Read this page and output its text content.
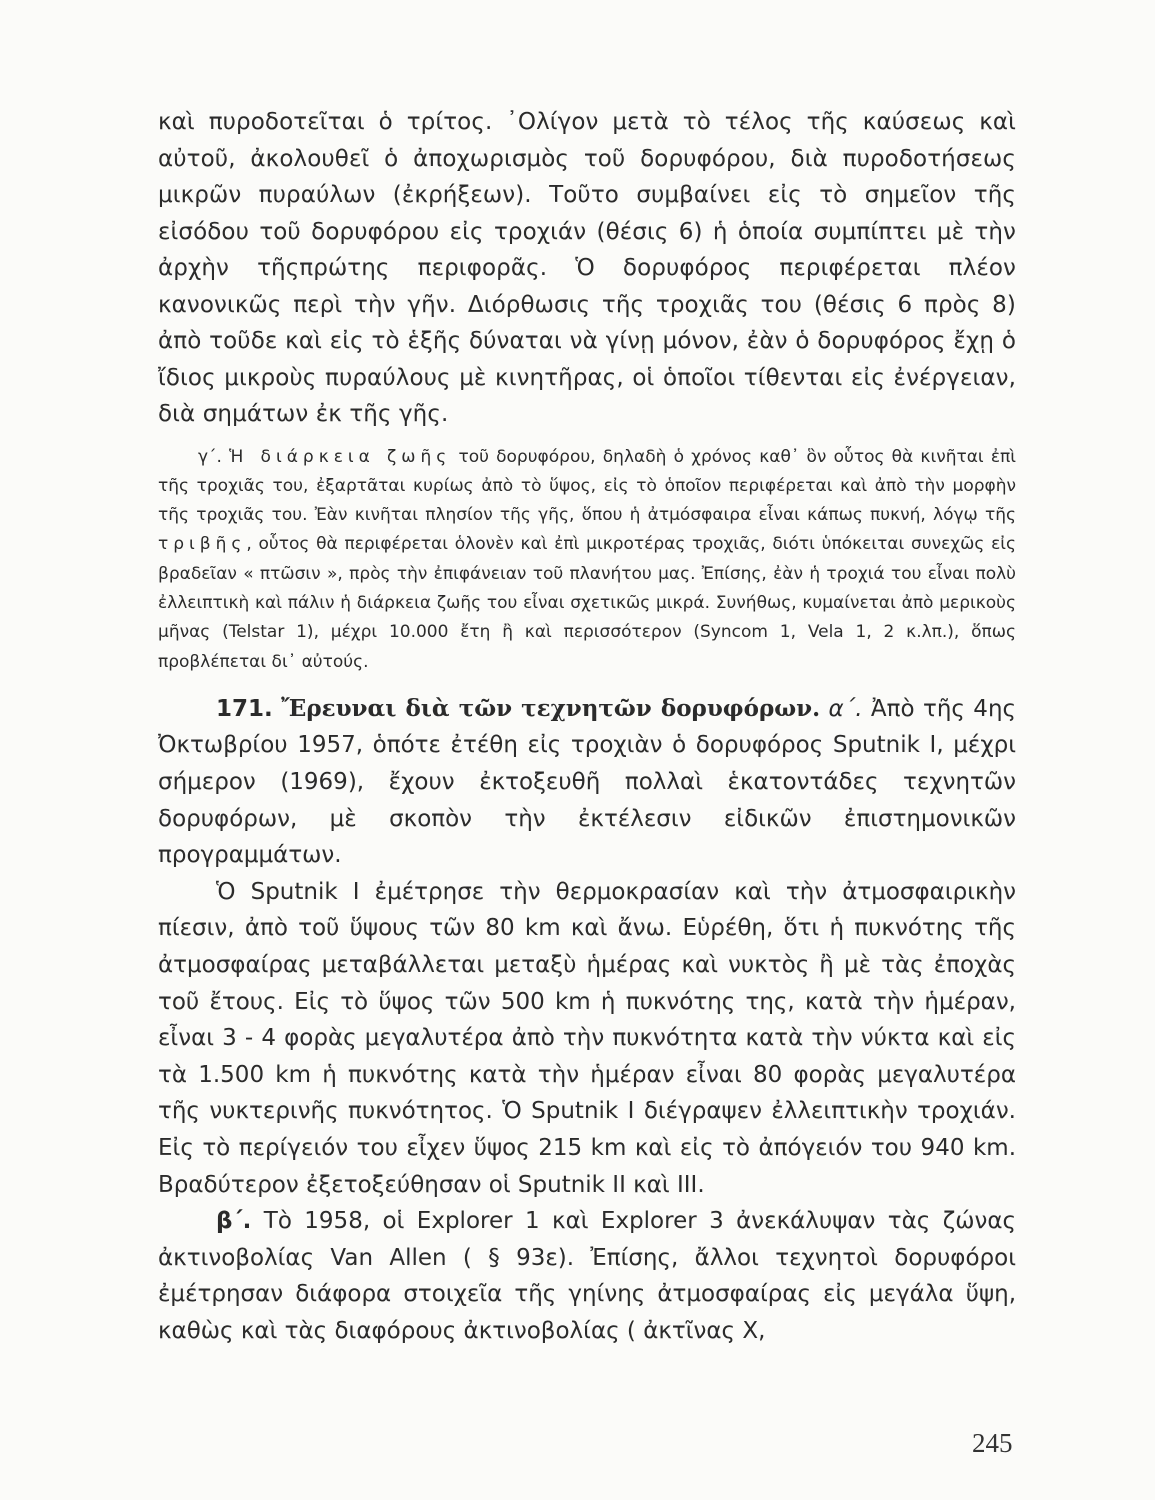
καὶ πυροδοτεῖται ὁ τρίτος. ᾽Ολίγον μετὰ τὸ τέλος τῆς καύσεως καὶ αὐτοῦ, ἀκολουθεῖ ὁ ἀποχωρισμὸς τοῦ δορυφόρου, διὰ πυροδοτήσεως μικρῶν πυραύλων (ἐκρήξεων). Τοῦτο συμβαίνει εἰς τὸ σημεῖον τῆς εἰσόδου τοῦ δορυφόρου εἰς τροχιάν (θέσις 6) ἡ ὁποία συμπίπτει μὲ τὴν ἀρχὴν τῆςπρώτης περιφορᾶς. Ὁ δορυφόρος περιφέρεται πλέον κανονικῶς περὶ τὴν γῆν. Διόρθωσις τῆς τροχιᾶς του (θέσις 6 πρὸς 8) ἀπὸ τοῦδε καὶ εἰς τὸ ἑξῆς δύναται νὰ γίνῃ μόνον, ἐὰν ὁ δορυφόρος ἔχῃ ὁ ἴδιος μικροὺς πυραύλους μὲ κινητῆρας, οἱ ὁποῖοι τίθενται εἰς ἐνέργειαν, διὰ σημάτων ἐκ τῆς γῆς.

γ΄. Ἡ διάρκεια ζωῆς τοῦ δορυφόρου, δηλαδὴ ὁ χρόνος καθ᾽ ὃν οὗτος θὰ κινῆται ἐπὶ τῆς τροχιᾶς του, ἐξαρτᾶται κυρίως ἀπὸ τὸ ὕψος, εἰς τὸ ὁποῖον περιφέρεται καὶ ἀπὸ τὴν μορφὴν τῆς τροχιᾶς του. Ἐὰν κινῆται πλησίον τῆς γῆς, ὅπου ἡ ἀτμόσφαιρα εἶναι κάπως πυκνή, λόγῳ τῆς τριβῆς, οὗτος θὰ περιφέρεται ὁλονὲν καὶ ἐπὶ μικροτέρας τροχιᾶς, διότι ὑπόκειται συνεχῶς εἰς βραδεῖαν « πτῶσιν », πρὸς τὴν ἐπιφάνειαν τοῦ πλανήτου μας. Ἐπίσης, ἐὰν ἡ τροχιά του εἶναι πολὺ ἐλλειπτικὴ καὶ πάλιν ἡ διάρκεια ζωῆς του εἶναι σχετικῶς μικρά. Συνήθως, κυμαίνεται ἀπὸ μερικοὺς μῆνας (Telstar 1), μέχρι 10.000 ἔτη ἢ καὶ περισσότερον (Syncom 1, Vela 1, 2 κ.λπ.), ὅπως προβλέπεται δι᾽ αὐτούς.

171. Ἔρευναι διὰ τῶν τεχνητῶν δορυφόρων. α΄. Ἀπὸ τῆς 4ης Ὀκτωβρίου 1957, ὁπότε ἐτέθη εἰς τροχιὰν ὁ δορυφόρος Sputnik I, μέχρι σήμερον (1969), ἔχουν ἐκτοξευθῆ πολλαὶ ἑκατοντάδες τεχνητῶν δορυφόρων, μὲ σκοπὸν τὴν ἐκτέλεσιν εἰδικῶν ἐπιστημονικῶν προγραμμάτων.

Ὁ Sputnik I ἐμέτρησε τὴν θερμοκρασίαν καὶ τὴν ἀτμοσφαιρικὴν πίεσιν, ἀπὸ τοῦ ὕψους τῶν 80 km καὶ ἄνω. Εὑρέθη, ὅτι ἡ πυκνότης τῆς ἀτμοσφαίρας μεταβάλλεται μεταξὺ ἡμέρας καὶ νυκτὸς ἢ μὲ τὰς ἐποχὰς τοῦ ἔτους. Εἰς τὸ ὕψος τῶν 500 km ἡ πυκνότης της, κατὰ τὴν ἡμέραν, εἶναι 3 - 4 φορὰς μεγαλυτέρα ἀπὸ τὴν πυκνότητα κατὰ τὴν νύκτα καὶ εἰς τὰ 1.500 km ἡ πυκνότης κατὰ τὴν ἡμέραν εἶναι 80 φορὰς μεγαλυτέρα τῆς νυκτερινῆς πυκνότητος. Ὁ Sputnik I διέγραψεν ἐλλειπτικὴν τροχιάν. Εἰς τὸ περίγειόν του εἶχεν ὕψος 215 km καὶ εἰς τὸ ἀπόγειόν του 940 km. Βραδύτερον ἐξετοξεύθησαν οἱ Sputnik II καὶ III.

β΄. Τὸ 1958, οἱ Explorer 1 καὶ Explorer 3 ἀνεκάλυψαν τὰς ζώνας ἀκτινοβολίας Van Allen ( § 93ε). Ἐπίσης, ἄλλοι τεχνητοὶ δορυφόροι ἐμέτρησαν διάφορα στοιχεῖα τῆς γηίνης ἀτμοσφαίρας εἰς μεγάλα ὕψη, καθὼς καὶ τὰς διαφόρους ἀκτινοβολίας ( ἀκτῖνας X,

245
